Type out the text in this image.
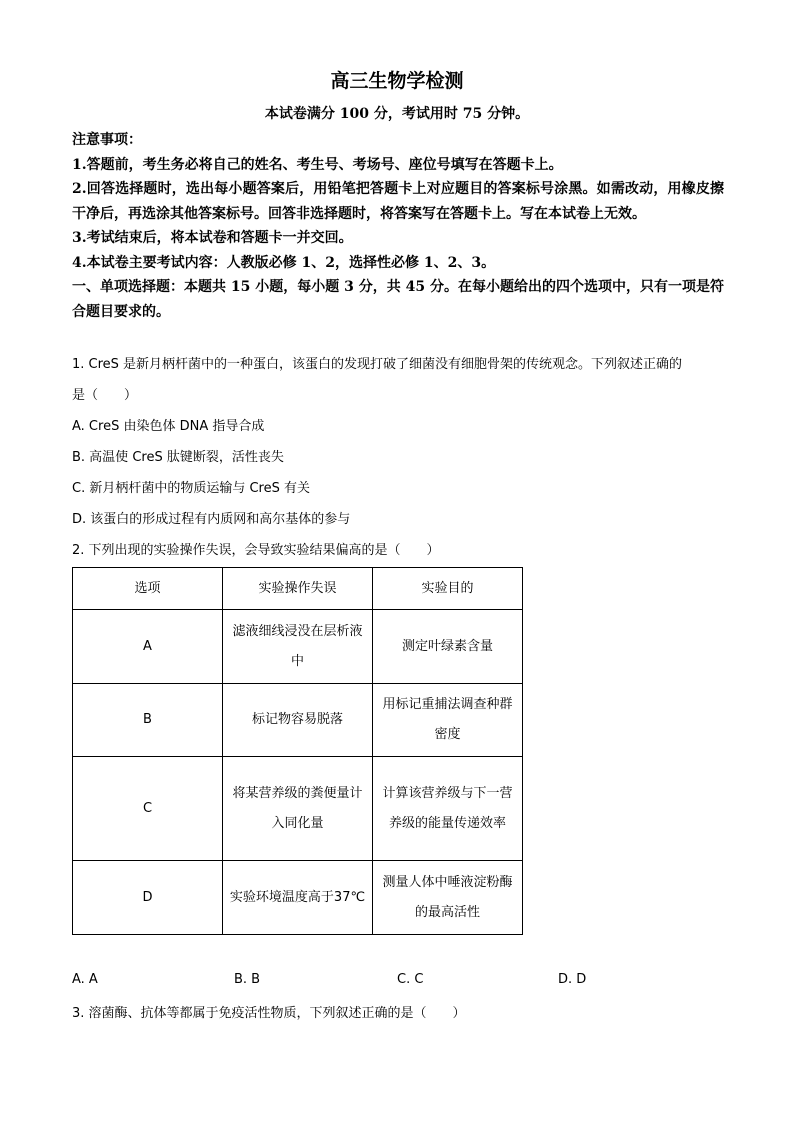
高三生物学检测
本试卷满分 100 分，考试用时 75 分钟。

注意事项：

1.答题前，考生务必将自己的姓名、考生号、考场号、座位号填写在答题卡上。

2.回答选择题时，选出每小题答案后，用铅笔把答题卡上对应题目的答案标号涂黑。如需改动，用橡皮擦干净后，再选涂其他答案标号。回答非选择题时，将答案写在答题卡上。写在本试卷上无效。

3.考试结束后，将本试卷和答题卡一并交回。

4.本试卷主要考试内容：人教版必修 1、2，选择性必修 1、2、3。

一、单项选择题：本题共 15 小题，每小题 3 分，共 45 分。在每小题给出的四个选项中，只有一项是符合题目要求的。

1. CreS 是新月柄杆菌中的一种蛋白，该蛋白的发现打破了细菌没有细胞骨架的传统观念。下列叙述正确的

是（　　）

A. CreS 由染色体 DNA 指导合成

B. 高温使 CreS 肽键断裂，活性丧失

C. 新月柄杆菌中的物质运输与 CreS 有关

D. 该蛋白的形成过程有内质网和高尔基体的参与

2. 下列出现的实验操作失误，会导致实验结果偏高的是（　　）

选项	实验操作失误	实验目的
A	滤液细线浸没在层析液中	测定叶绿素含量
B	标记物容易脱落	用标记重捕法调查种群密度
C	将某营养级的粪便量计入同化量	计算该营养级与下一营养级的能量传递效率
D	实验环境温度高于37℃	测量人体中唾液淀粉酶的最高活性
A. A	B. B	C. C	D. D

3. 溶菌酶、抗体等都属于免疫活性物质，下列叙述正确的是（　　）
